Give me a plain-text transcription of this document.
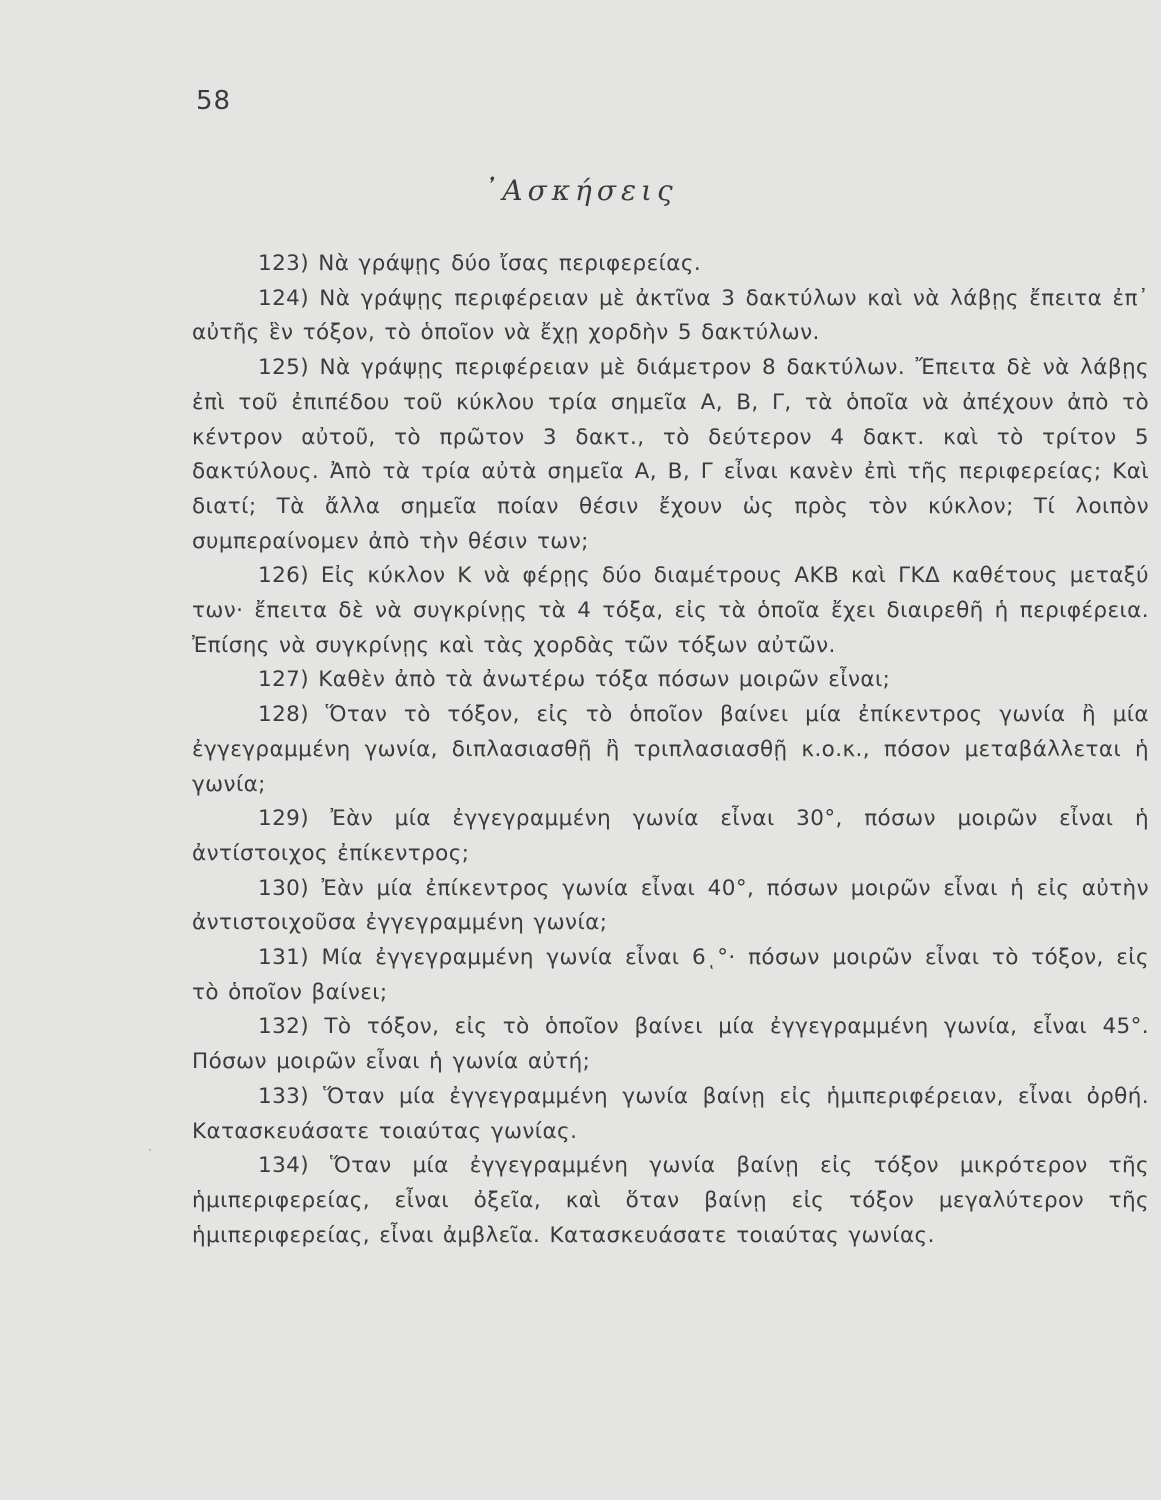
58
᾿Ασκήσεις

123) Νὰ γράψῃς δύο ἴσας περιφερείας.

124) Νὰ γράψῃς περιφέρειαν μὲ ἀκτῖνα 3 δακτύλων καὶ νὰ λάβῃς ἔπειτα ἐπ᾿ αὐτῆς ἓν τόξον, τὸ ὁποῖον νὰ ἔχῃ χορδὴν 5 δακτύλων.

125) Νὰ γράψῃς περιφέρειαν μὲ διάμετρον 8 δακτύλων. Ἔπειτα δὲ νὰ λάβῃς ἐπὶ τοῦ ἐπιπέδου τοῦ κύκλου τρία σημεῖα Α, Β, Γ, τὰ ὁποῖα νὰ ἀπέχουν ἀπὸ τὸ κέντρον αὐτοῦ, τὸ πρῶτον 3 δακτ., τὸ δεύτερον 4 δακτ. καὶ τὸ τρίτον 5 δακτύλους. Ἀπὸ τὰ τρία αὐτὰ σημεῖα Α, Β, Γ εἶναι κανὲν ἐπὶ τῆς περιφερείας; Καὶ διατί; Τὰ ἄλλα σημεῖα ποίαν θέσιν ἔχουν ὡς πρὸς τὸν κύκλον; Τί λοιπὸν συμπεραίνομεν ἀπὸ τὴν θέσιν των;

126) Εἰς κύκλον Κ νὰ φέρῃς δύο διαμέτρους ΑΚΒ καὶ ΓΚΔ καθέτους μεταξύ των· ἔπειτα δὲ νὰ συγκρίνῃς τὰ 4 τόξα, εἰς τὰ ὁποῖα ἔχει διαιρεθῆ ἡ περιφέρεια. Ἐπίσης νὰ συγκρίνῃς καὶ τὰς χορδὰς τῶν τόξων αὐτῶν.

127) Καθὲν ἀπὸ τὰ ἀνωτέρω τόξα πόσων μοιρῶν εἶναι;

128) Ὅταν τὸ τόξον, εἰς τὸ ὁποῖον βαίνει μία ἐπίκεντρος γωνία ἢ μία ἐγγεγραμμένη γωνία, διπλασιασθῇ ἢ τριπλασιασθῇ κ.ο.κ., πόσον μεταβάλλεται ἡ γωνία;

129) Ἐὰν μία ἐγγεγραμμένη γωνία εἶναι 30°, πόσων μοιρῶν εἶναι ἡ ἀντίστοιχος ἐπίκεντρος;

130) Ἐὰν μία ἐπίκεντρος γωνία εἶναι 40°, πόσων μοιρῶν εἶναι ἡ εἰς αὐτὴν ἀντιστοιχοῦσα ἐγγεγραμμένη γωνία;

131) Μία ἐγγεγραμμένη γωνία εἶναι 6ͺ°· πόσων μοιρῶν εἶναι τὸ τόξον, εἰς τὸ ὁποῖον βαίνει;

132) Τὸ τόξον, εἰς τὸ ὁποῖον βαίνει μία ἐγγεγραμμένη γωνία, εἶναι 45°. Πόσων μοιρῶν εἶναι ἡ γωνία αὐτή;

133) Ὅταν μία ἐγγεγραμμένη γωνία βαίνῃ εἰς ἡμιπεριφέρειαν, εἶναι ὀρθή. Κατασκευάσατε τοιαύτας γωνίας.

134) Ὅταν μία ἐγγεγραμμένη γωνία βαίνῃ εἰς τόξον μικρότερον τῆς ἡμιπεριφερείας, εἶναι ὀξεῖα, καὶ ὅταν βαίνῃ εἰς τόξον μεγαλύτερον τῆς ἡμιπεριφερείας, εἶναι ἀμβλεῖα. Κατασκευάσατε τοιαύτας γωνίας.

·
